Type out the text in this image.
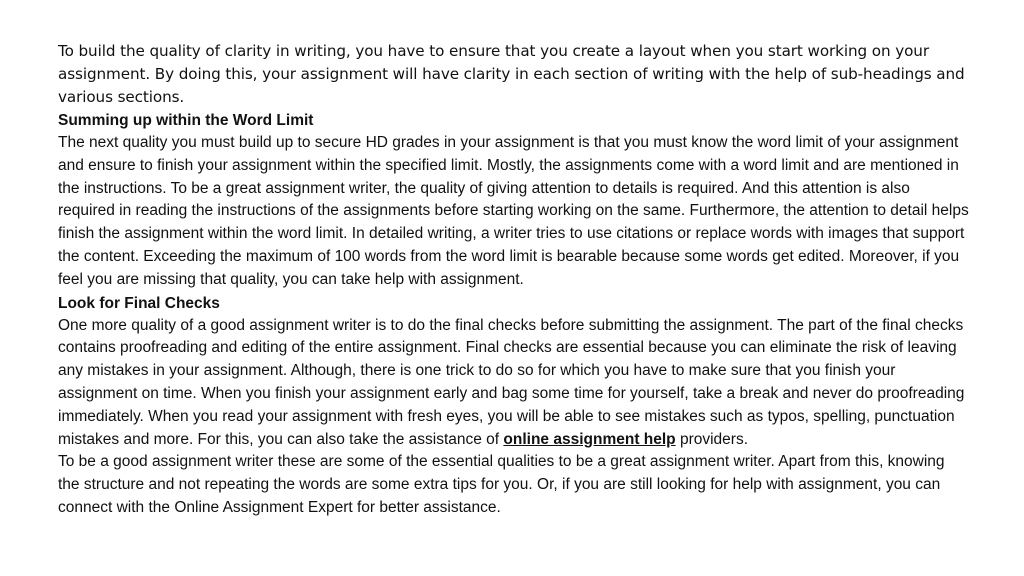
To build the quality of clarity in writing, you have to ensure that you create a layout when you start working on your assignment. By doing this, your assignment will have clarity in each section of writing with the help of sub-headings and various sections.

Summing up within the Word Limit

The next quality you must build up to secure HD grades in your assignment is that you must know the word limit of your assignment and ensure to finish your assignment within the specified limit. Mostly, the assignments come with a word limit and are mentioned in the instructions. To be a great assignment writer, the quality of giving attention to details is required. And this attention is also required in reading the instructions of the assignments before starting working on the same. Furthermore, the attention to detail helps finish the assignment within the word limit. In detailed writing, a writer tries to use citations or replace words with images that support the content. Exceeding the maximum of 100 words from the word limit is bearable because some words get edited. Moreover, if you feel you are missing that quality, you can take help with assignment.

Look for Final Checks

One more quality of a good assignment writer is to do the final checks before submitting the assignment. The part of the final checks contains proofreading and editing of the entire assignment. Final checks are essential because you can eliminate the risk of leaving any mistakes in your assignment. Although, there is one trick to do so for which you have to make sure that you finish your assignment on time. When you finish your assignment early and bag some time for yourself, take a break and never do proofreading immediately. When you read your assignment with fresh eyes, you will be able to see mistakes such as typos, spelling, punctuation mistakes and more. For this, you can also take the assistance of online assignment help providers.

To be a good assignment writer these are some of the essential qualities to be a great assignment writer. Apart from this, knowing the structure and not repeating the words are some extra tips for you. Or, if you are still looking for help with assignment, you can connect with the Online Assignment Expert for better assistance.
